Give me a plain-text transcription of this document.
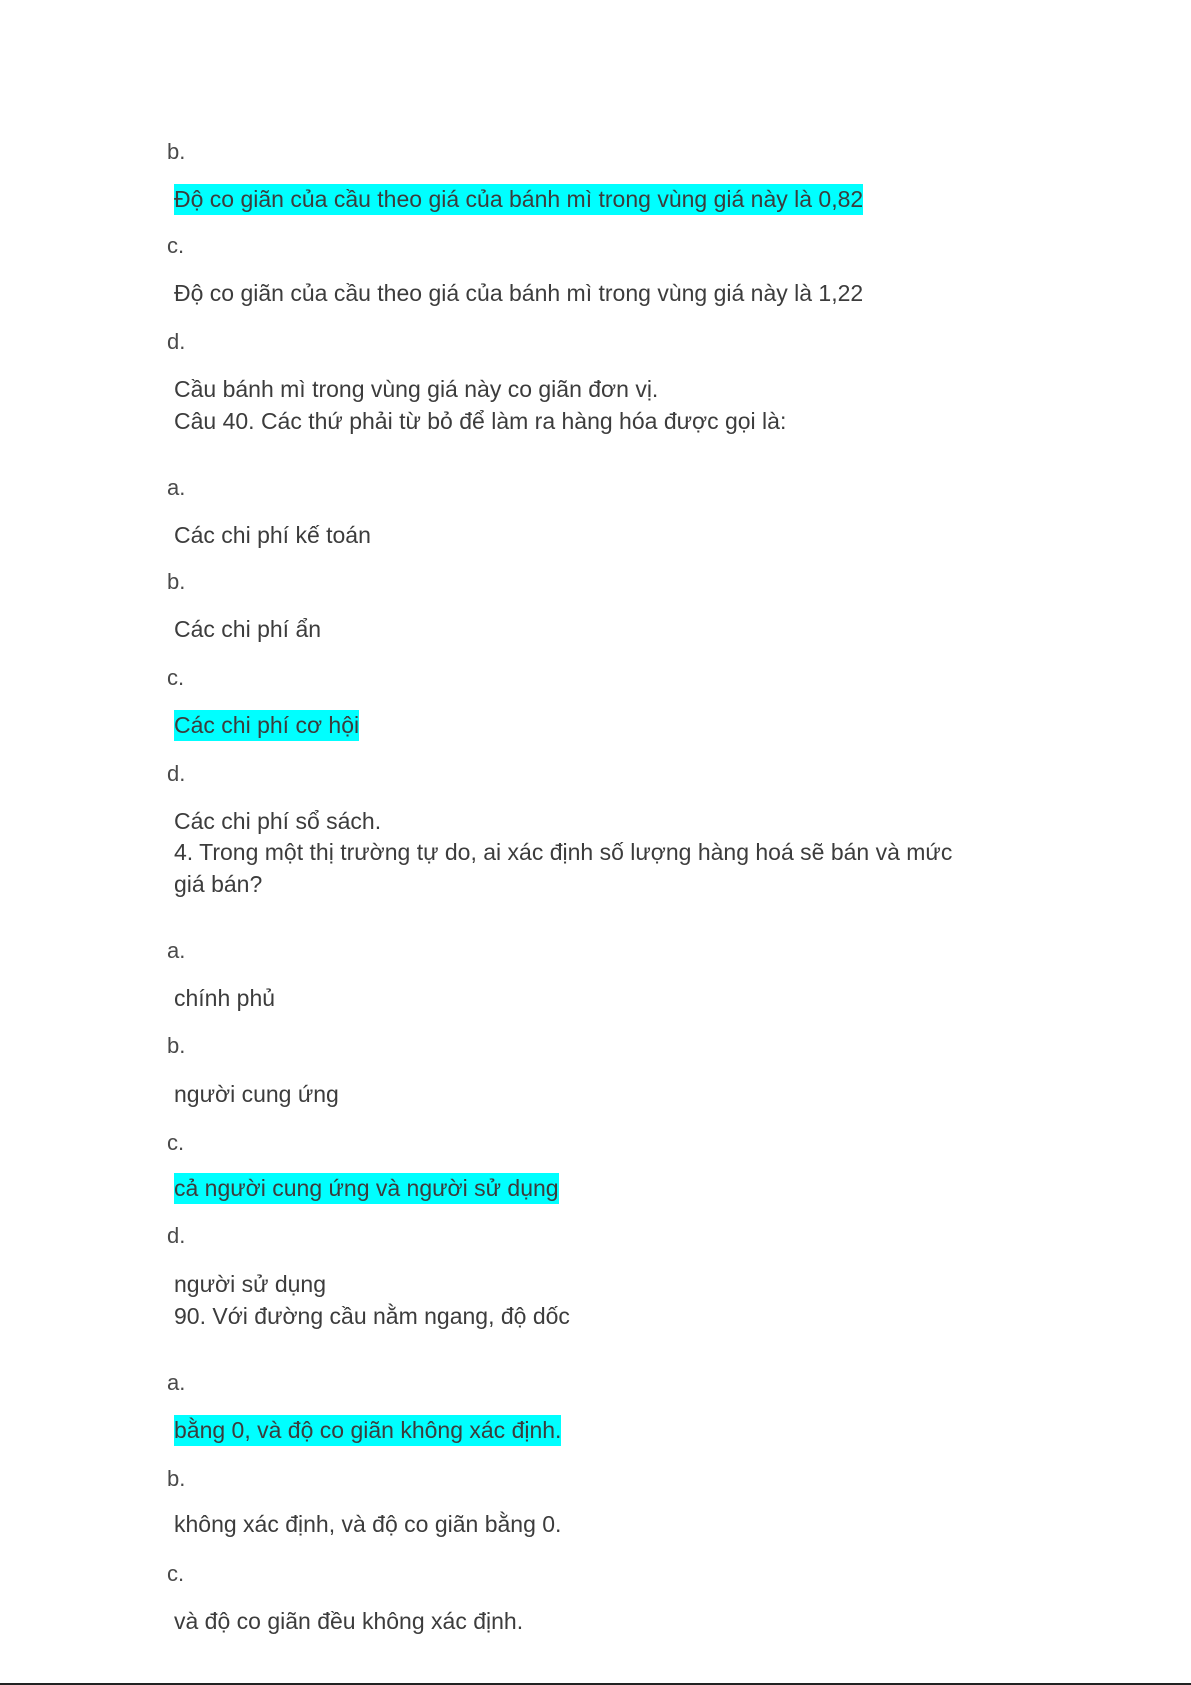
b.

Độ co giãn của cầu theo giá của bánh mì trong vùng giá này là 0,82

c.

Độ co giãn của cầu theo giá của bánh mì trong vùng giá này là 1,22

d.

Cầu bánh mì trong vùng giá này co giãn đơn vị.

Câu 40. Các thứ phải từ bỏ để làm ra hàng hóa được gọi là:

a.

Các chi phí kế toán

b.

Các chi phí ẩn

c.

Các chi phí cơ hội

d.

Các chi phí sổ sách.

4. Trong một thị trường tự do, ai xác định số lượng hàng hoá sẽ bán và mức

giá bán?

a.

chính phủ

b.

người cung ứng

c.

cả người cung ứng và người sử dụng

d.

người sử dụng

90. Với đường cầu nằm ngang, độ dốc

a.

bằng 0, và độ co giãn không xác định.

b.

không xác định, và độ co giãn bằng 0.

c.

và độ co giãn đều không xác định.
